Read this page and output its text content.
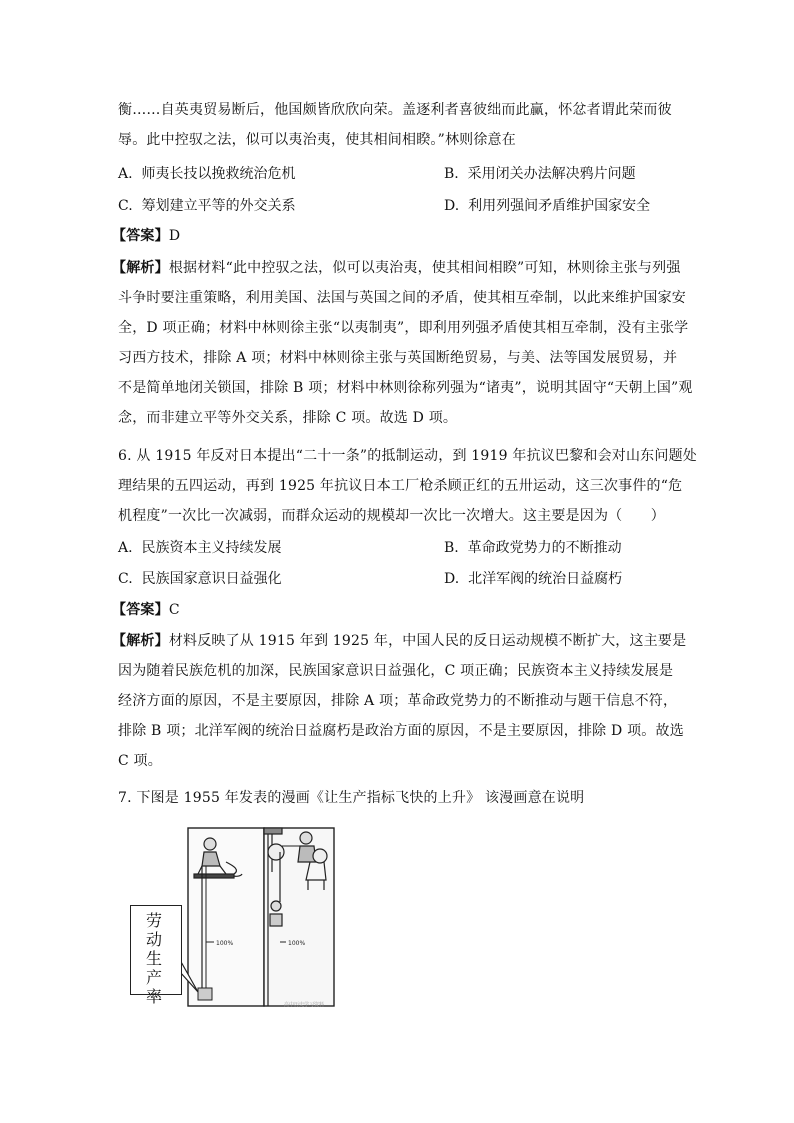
衡……自英夷贸易断后，他国颇皆欣欣向荣。盖逐利者喜彼绌而此赢，怀忿者谓此荣而彼
辱。此中控驭之法，似可以夷治夷，使其相间相睽。”林则徐意在
A. 师夷长技以挽救统治危机	B. 采用闭关办法解决鸦片问题
C. 筹划建立平等的外交关系	D. 利用列强间矛盾维护国家安全
【答案】D
【解析】根据材料“此中控驭之法，似可以夷治夷，使其相间相睽”可知，林则徐主张与列强
斗争时要注重策略，利用美国、法国与英国之间的矛盾，使其相互牵制，以此来维护国家安
全，D 项正确；材料中林则徐主张“以夷制夷”，即利用列强矛盾使其相互牵制，没有主张学
习西方技术，排除 A 项；材料中林则徐主张与英国断绝贸易，与美、法等国发展贸易，并
不是简单地闭关锁国，排除 B 项；材料中林则徐称列强为“诸夷”，说明其固守“天朝上国”观
念，而非建立平等外交关系，排除 C 项。故选 D 项。
6. 从 1915 年反对日本提出“二十一条”的抵制运动，到 1919 年抗议巴黎和会对山东问题处
理结果的五四运动，再到 1925 年抗议日本工厂枪杀顾正红的五卅运动，这三次事件的“危
机程度”一次比一次减弱，而群众运动的规模却一次比一次增大。这主要是因为（　　）
A. 民族资本主义持续发展	B. 革命政党势力的不断推动
C. 民族国家意识日益强化	D. 北洋军阀的统治日益腐朽
【答案】C
【解析】材料反映了从 1915 年到 1925 年，中国人民的反日运动规模不断扩大，这主要是
因为随着民族危机的加深，民族国家意识日益强化，C 项正确；民族资本主义持续发展是
经济方面的原因，不是主要原因，排除 A 项；革命政党势力的不断推动与题干信息不符，
排除 B 项；北洋军阀的统治日益腐朽是政治方面的原因，不是主要原因，排除 D 项。故选
C 项。
7. 下图是 1955 年发表的漫画《让生产指标飞快的上升》 该漫画意在说明
100%	100%
劳动生产率	高中历史学习资料
